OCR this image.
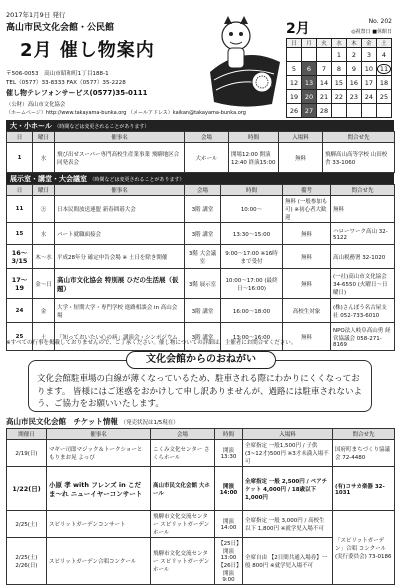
2017年1月9日 発行
高山市民文化会館・公民館
2月 催し物案内
〒506-0053　高山市昭和町1丁目188-1
TEL（0577）33-8333 FAX（0577）35-2228
催し物テレフォンサービス(0577)35-0111
（公財）高山市文化協会
（ホームページ）http://www.takayama-bunka.org （メールアドレス）kaikan@takayama-bunka.org
2月	No. 202
◎祝祭日 ■休館日
日	月	火	水	木	金	土
			1	2	3	4
5	6	7	8	9	10	11
12	13	14	15	16	17	18
19	20	21	22	23	24	25
26	27	28				
大・小ホール （時間などは変更されることがあります）
日	曜日	催事名	会場	時間	入場料	問合せ先
1	水	飛び出せスーパー専門高校生産業事業 飛騨地区合同発表会	大ホール	開場12:00 開演12:40 終演15:00	無料	飛騨高山高等学校 山田校舎 33-1060
展示室・講堂・大会議室 （時間などは変更されることがあります）
日	曜日	催事名	会場	時間	備考	問合せ先
11	㊏	日本民間放送連盟 新春囲碁大会	3階 講堂	10:00〜	無料 (一般参加も可) ※初心者大歓迎	無料
15	水	パート就職面接会	3階 講堂	13:30〜15:00	無料	ハローワーク高山 32-5122
16〜3/15	木〜水	平成28年分 確定申告会場 ※ 土日を除き開催	3階 大会議室	9:00〜17:00 ※16時まで受付	無料	高山税務署 32-1020
17〜19	金〜日	高山市文化協会 特別展 ひだの生活展（仮題）	3階 展示室	10:00〜17:00 (最終日〜16:00)	無料	(一社)高山市文化協会 34-6550 (火曜日〜日曜日)
24	金	大学・短期大学・専門学校 進路相談会 in 高山会場	3階 講堂	16:00〜18:00	高校生対象	(株)さんぽう名古屋支社 052-733-6010
25	土	「知っておいたい心の病」講演会・シンポジウム	3階 講堂	13:00〜16:00	無料	NPO法人岐阜高山勇 経営協議会 058-271-8169
※すべての行事を掲載しておりませんので、ご了承ください。催し物についての詳細は、主催者にお問合せください。
文化会館駐車場の白線が薄くなっているため、駐車される際にわかりにくくなっております。 皆様にはご迷惑をおかけして申し訳ありませんが、過路には駐車されないよう、ご協力をお願いいたします。
文化会館からのおねがい
高山市民文化会館　チケット情報 （発売状況は1/5現在）
開催日	催事名	会場	時間	入場料	問合せ先
2/19(日)	マギー司郎マジック＆トークショーと もりまお晃 よっぴ	こくみ文化センター さくらホール	開演13:30	全席指定 一般1,500円 / 子供(3~12才)500円 ※3才未満入場不可	国府町まちづくり協議会 72-4480
1/22(日)	小原 孝 with フレンズ in こだま〜れ ニューイヤーコンサート	高山市民文化会館 大ホール	開演14:00	全席指定 一般 2,500円 / ペアチケット 4,000円 / 18歳以下 1,000円	(有)コサカ楽器 32-1031
2/25(土)	スピリットガーデンコンサート	飛騨市文化交流センター スピリットガーデンホール	開演14:00	全席指定 一般 3,000円 / 高校生以下 1,800円 ※就学児入場不可	「スピリットガーデン」合唱 コンクール(実行委員会) 73-0186
2/25(土) 2/26(日)	スピリットガーデン合唱コンクール	飛騨市文化交流センター スピリットガーデンホール	【25日】開演13:00 【26日】開演9:00	全席自由 【2日間共通入場券】一般 800円 ※就学児入場不可	
